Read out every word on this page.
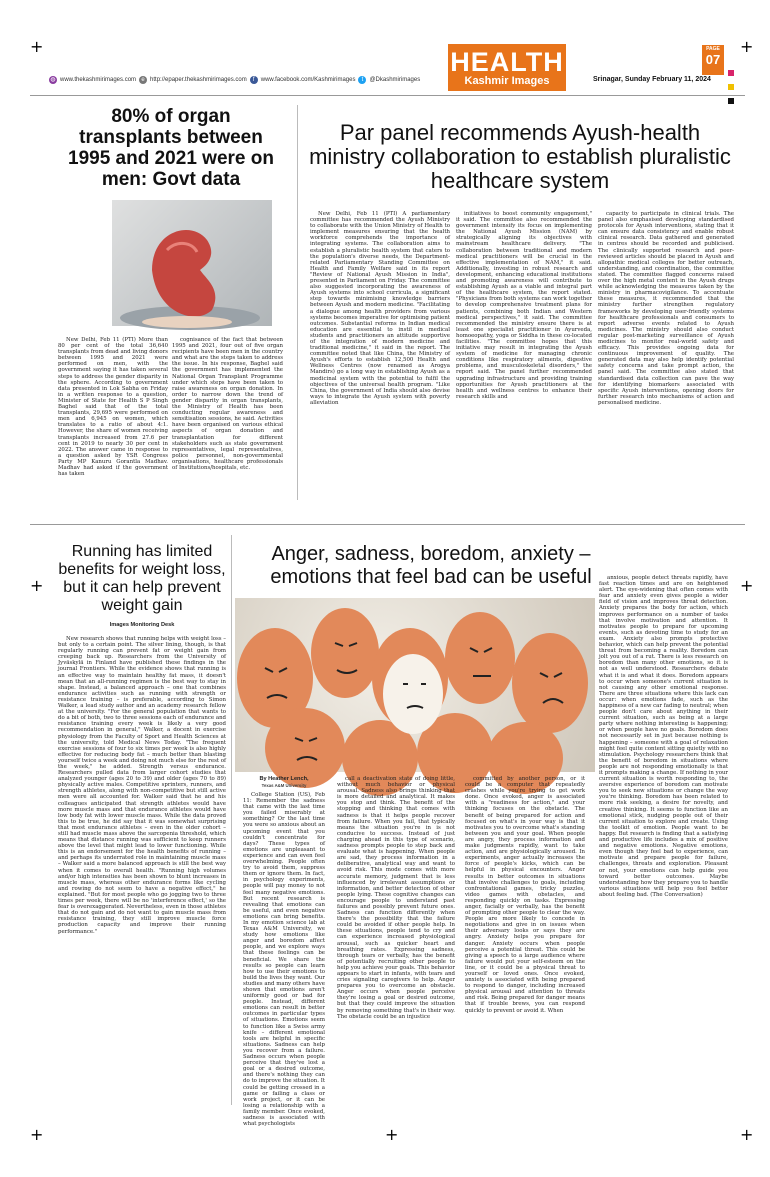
+	+
+	+
+	+
+
◍ www.thekashmirimages.com e http://epaper.thekashmirimages.com	f	www.facebook.com/Kashmirimages	t	@Dkashmirimages
HEALTH
Kashmir Images	Srinagar, Sunday February 11, 2024
PAGE
07
80% of organ transplants between 1995 and 2021 were on men: Govt data

New Delhi, Feb 11 (PTI) More than 80 per cent of the total 36,640 transplants from dead and living donors between 1995 and 2021 were performed on men, with the government saying it has taken several steps to address the gender disparity in the sphere. According to government data presented in Lok Sabha on Friday in a written response to a question, Minister of State for Health S P Singh Baghel said that of the total transplants, 29,695 were performed on men and 6,945 on women, which translates to a ratio of about 4:1. However, the share of women receiving transplants increased from 27.6 per cent in 2019 to nearly 30 per cent in 2022. The answer came in response to a question asked by YSR Congress Party MP Kanuru Gorantla Madhav. Madhav had asked if the government has taken

cognisance of the fact that between 1995 and 2021, four out of five organ recipients have been men in the country and what are the steps taken to address the issue. In his response, Baghel said the government has implemented the National Organ Transplant Programme under which steps have been taken to raise awareness on organ donation. In order to narrow down the trend of gender disparity in organ transplants, the Ministry of Health has been conducting regular awareness and sensitisation sessions, he said. Activities have been organised on various ethical aspects of organ donation and transplantation for different stakeholders such as state government representatives, legal representatives, police personnel, non-governmental organisations, healthcare professionals of Institutions/hospitals, etc.

Par panel recommends Ayush-health ministry collaboration to establish pluralistic healthcare system

New Delhi, Feb 11 (PTI) A parliamentary committee has recommended the Ayush Ministry to collaborate with the Union Ministry of Health to implement measures ensuring that the health workforce comprehends the importance of integrating systems. The collaboration aims to establish a pluralistic health system that caters to the population's diverse needs, the Department-related Parliamentary Standing Committee on Health and Family Welfare said in its report "Review of National Ayush Mission in India", presented in Parliament on Friday. The committee also suggested incorporating the awareness of Ayush systems into school curricula, a significant step towards minimising knowledge barriers between Ayush and modern medicine. "Facilitating a dialogue among health providers from various systems becomes imperative for optimising patient outcomes. Substantial reforms in Indian medical education are essential to instil in medical students and practitioners an attitude supportive of the integration of modern medicine and traditional medicine," it said in the report. The committee noted that like China, the Ministry of Ayush's efforts to establish 12,500 Health and Wellness Centres (now renamed as Arogya Mandirs) go a long way in establishing Ayush as a medicinal system with the potential to fulfil the objectives of the universal health program. "Like China, the government of India should also devise ways to integrate the Ayush system with poverty alleviation

initiatives to boost community engagement," it said. The committee also recommended the government intensify its focus on implementing the National Ayush Mission (NAM) by strategically aligning its objectives with mainstream healthcare delivery. "The collaboration between traditional and modern medical practitioners will be crucial in the effective implementation of NAM," it said. Additionally, investing in robust research and development, enhancing educational institutions and promoting awareness will contribute to establishing Ayush as a viable and integral part of the healthcare system, the report stated. "Physicians from both systems can work together to develop comprehensive treatment plans for patients, combining both Indian and Western medical perspectives," it said. The committee recommended the ministry ensure there is at least one specialist practitioner in Ayurveda, homoeopathy, yoga or Siddha in these co-located facilities. "The committee hopes that this initiative may result in integrating the Ayush system of medicine for managing chronic conditions like respiratory ailments, digestive problems, and musculoskeletal disorders," the report said. The panel further recommended upgrading infrastructure and providing training opportunities for Ayush practitioners at the health and wellness centres to enhance their research skills and

capacity to participate in clinical trials. The panel also emphasised developing standardised protocols for Ayush interventions, stating that it can ensure data consistency and enable robust clinical research. Data gathered and generated in centres should be recorded and publicised. The clinically supported research and peer-reviewed articles should be placed in Ayush and allopathic medical colleges for better outreach, understanding, and coordination, the committee stated. The committee flagged concerns raised over the high metal content in the Ayush drugs while acknowledging the measures taken by the ministry in pharmacovigilance. To accentuate these measures, it recommended that the ministry further strengthen regulatory frameworks by developing user-friendly systems for healthcare professionals and consumers to report adverse events related to Ayush medicines. The ministry should also conduct regular post-marketing surveillance of Ayush medicines to monitor real-world safety and efficacy. This provides ongoing data for continuous improvement of quality. The generated data may also help identify potential safety concerns and take prompt action, the panel said. The committee also stated that standardised data collection can pave the way for identifying biomarkers associated with specific Ayush interventions, opening doors for further research into mechanisms of action and personalised medicine.

Running has limited benefits for weight loss, but it can help prevent weight gain
Images Monitoring Desk

New research shows that running helps with weight loss – but only to a certain point. The silver lining, though, is that regularly running can prevent fat or weight gain from creeping back up. Researchers from the University of Jyväskylä in Finland have published these findings in the journal Frontiers. While the evidence shows that running is an effective way to maintain healthy fat mass, it doesn't mean that an all-running regimen is the best way to stay in shape. Instead, a balanced approach – one that combines endurance activities such as running with strength or resistance training – is preferable, according to Simon Walker, a lead study author and an academy research fellow at the university. "For the general population that wants to do a bit of both, two to three sessions each of endurance and resistance training every week is likely a very good recommendation in general," Walker, a docent in exercise physiology from the Faculty of Sport and Health Sciences at the university, told Medical News Today. "The frequent exercise sessions of four to six times per week is also highly effective for reducing body fat – much better than blasting yourself twice a week and doing not much else for the rest of the week," he added. Strength versus endurance. Researchers pulled data from larger cohort studies that analyzed younger (ages 20 to 39) and older (ages 70 to 89) physically active males. Competitive sprinters, runners, and strength athletes, along with non-competitive but still active men were all accounted for. Walker said that he and his colleagues anticipated that strength athletes would have more muscle mass and that endurance athletes would have low body fat with lower muscle mass. While the data proved this to be true, he did say that it was somewhat surprising that most endurance athletes – even in the older cohort – still had muscle mass above the sarcopenia threshold, which means that distance running was sufficient to keep runners above the level that might lead to lower functioning. While this is an endorsement for the health benefits of running – and perhaps its underrated role in maintaining muscle mass – Walker said a more balanced approach is still the best way when it comes to overall health. "Running high volumes and/or high intensities has been shown to blunt increases in muscle mass, whereas other endurance forms like cycling and rowing do not seem to have a negative effect," he explained. "But for most people who go jogging two to three times per week, there will be no 'interference effect,' so the fear is overexaggerated. Nevertheless, even in those athletes that do not gain and do not want to gain muscle mass from resistance training, they still improve muscle force production capacity and improve their running performance."

Anger, sadness, boredom, anxiety – emotions that feel bad can be useful
By Heather Lench,
Texas A&M University

College Station (US), Feb 11: Remember the sadness that came with the last time you failed miserably at something? Or the last time you were so anxious about an upcoming event that you couldn't concentrate for days? These types of emotions are unpleasant to experience and can even feel overwhelming. People often try to avoid them, suppress them or ignore them. In fact, in psychology experiments, people will pay money to not feel many negative emotions. But recent research is revealing that emotions can be useful, and even negative emotions can bring benefits. In my emotion science lab at Texas A&M University, we study how emotions like anger and boredom affect people, and we explore ways that these feelings can be beneficial. We share the results so people can learn how to use their emotions to build the lives they want. Our studies and many others have shown that emotions aren't uniformly good or bad for people. Instead, different emotions can result in better outcomes in particular types of situations. Emotions seem to function like a Swiss army knife – different emotional tools are helpful in specific situations. Sadness can help you recover from a failure. Sadness occurs when people perceive that they've lost a goal or a desired outcome, and there's nothing they can do to improve the situation. It could be getting crossed in a game or failing a class or work project, or it can be losing a relationship with a family member. Once evoked, sadness is associated with what psychologists

call a deactivation state of doing little, without much behavior or physical arousal. Sadness also brings thinking that is more detailed and analytical. It makes you stop and think. The benefit of the stopping and thinking that comes with sadness is that it helps people recover from failure. When you fail, that typically means the situation you're in is not conducive to success. Instead of just charging ahead in this type of scenario, sadness prompts people to step back and evaluate what is happening. When people are sad, they process information in a deliberative, analytical way and want to avoid risk. This mode comes with more accurate memory, judgment that is less influenced by irrelevant assumptions or information, and better detection of other people lying. These cognitive changes can encourage people to understand past failures and possibly prevent future ones. Sadness can function differently when there's the possibility that the failure could be avoided if other people help. In these situations, people tend to cry and can experience increased physiological arousal, such as quicker heart and breathing rates. Expressing sadness, through tears or verbally, has the benefit of potentially recruiting other people to help you achieve your goals. This behavior appears to start in infants, with tears and cries signaling caregivers to help. Anger prepares you to overcome an obstacle. Anger occurs when people perceive they're losing a goal or desired outcome, but that they could improve the situation by removing something that's in their way. The obstacle could be an injustice

committed by another person, or it could be a computer that repeatedly crashes while you're trying to get work done. Once evoked, anger is associated with a "readiness for action," and your thinking focuses on the obstacle. The benefit of being prepared for action and focused on what's in your way is that it motivates you to overcome what's standing between you and your goal. When people are angry, they process information and make judgments rapidly, want to take action, and are physiologically aroused. In experiments, anger actually increases the force of people's kicks, which can be helpful in physical encounters. Anger results in better outcomes in situations that involve challenges to goals, including confrontational games, tricky puzzles, video games with obstacles, and responding quickly on tasks. Expressing anger, facially or verbally, has the benefit of prompting other people to clear the way. People are more likely to concede in negotiations and give in on issues when their adversary looks or says they are angry. Anxiety helps you prepare for danger. Anxiety occurs when people perceive a potential threat. This could be giving a speech to a large audience where failure would put your self-esteem on the line, or it could be a physical threat to yourself or loved ones. Once evoked, anxiety is associated with being prepared to respond to danger, including increased physical arousal and attention to threats and risk. Being prepared for danger means that if trouble brews, you can respond quickly to prevent or avoid it. When

anxious, people detect threats rapidly, have fast reaction times and are on heightened alert. The eye-widening that often comes with fear and anxiety even gives people a wider field of vision and improves threat detection. Anxiety prepares the body for action, which improves performance on a number of tasks that involve motivation and attention. It motivates people to prepare for upcoming events, such as devoting time to study for an exam. Anxiety also prompts protective behavior, which can help prevent the potential threat from becoming a reality. Boredom can jolt you out of a rut. There is less research on boredom than many other emotions, so it is not as well understood. Researchers debate what it is and what it does. Boredom appears to occur when someone's current situation is not causing any other emotional response. There are three situations where this lack can occur: when emotions fade, such as the happiness of a new car fading to neutral; when people don't care about anything in their current situation, such as being at a large party where nothing interesting is happening; or when people have no goals. Boredom does not necessarily set in just because nothing is happening – someone with a goal of relaxation might feel quite content sitting quietly with no stimulation. Psychology researchers think that the benefit of boredom in situations where people are not responding emotionally is that it prompts making a change. If nothing in your current situation is worth responding to, the aversive experience of boredom can motivate you to seek new situations or change the way you're thinking. Boredom has been related to more risk seeking, a desire for novelty, and creative thinking. It seems to function like an emotional stick, nudging people out of their current situation to explore and create. Using the toolkit of emotion. People want to be happy. But research is finding that a satisfying and productive life includes a mix of positive and negative emotions. Negative emotions, even though they feel bad to experience, can motivate and prepare people for failure, challenges, threats and exploration. Pleasant or not, your emotions can help guide you toward better outcomes. Maybe understanding how they prepare you to handle various situations will help you feel better about feeling bad. (The Conversation)
